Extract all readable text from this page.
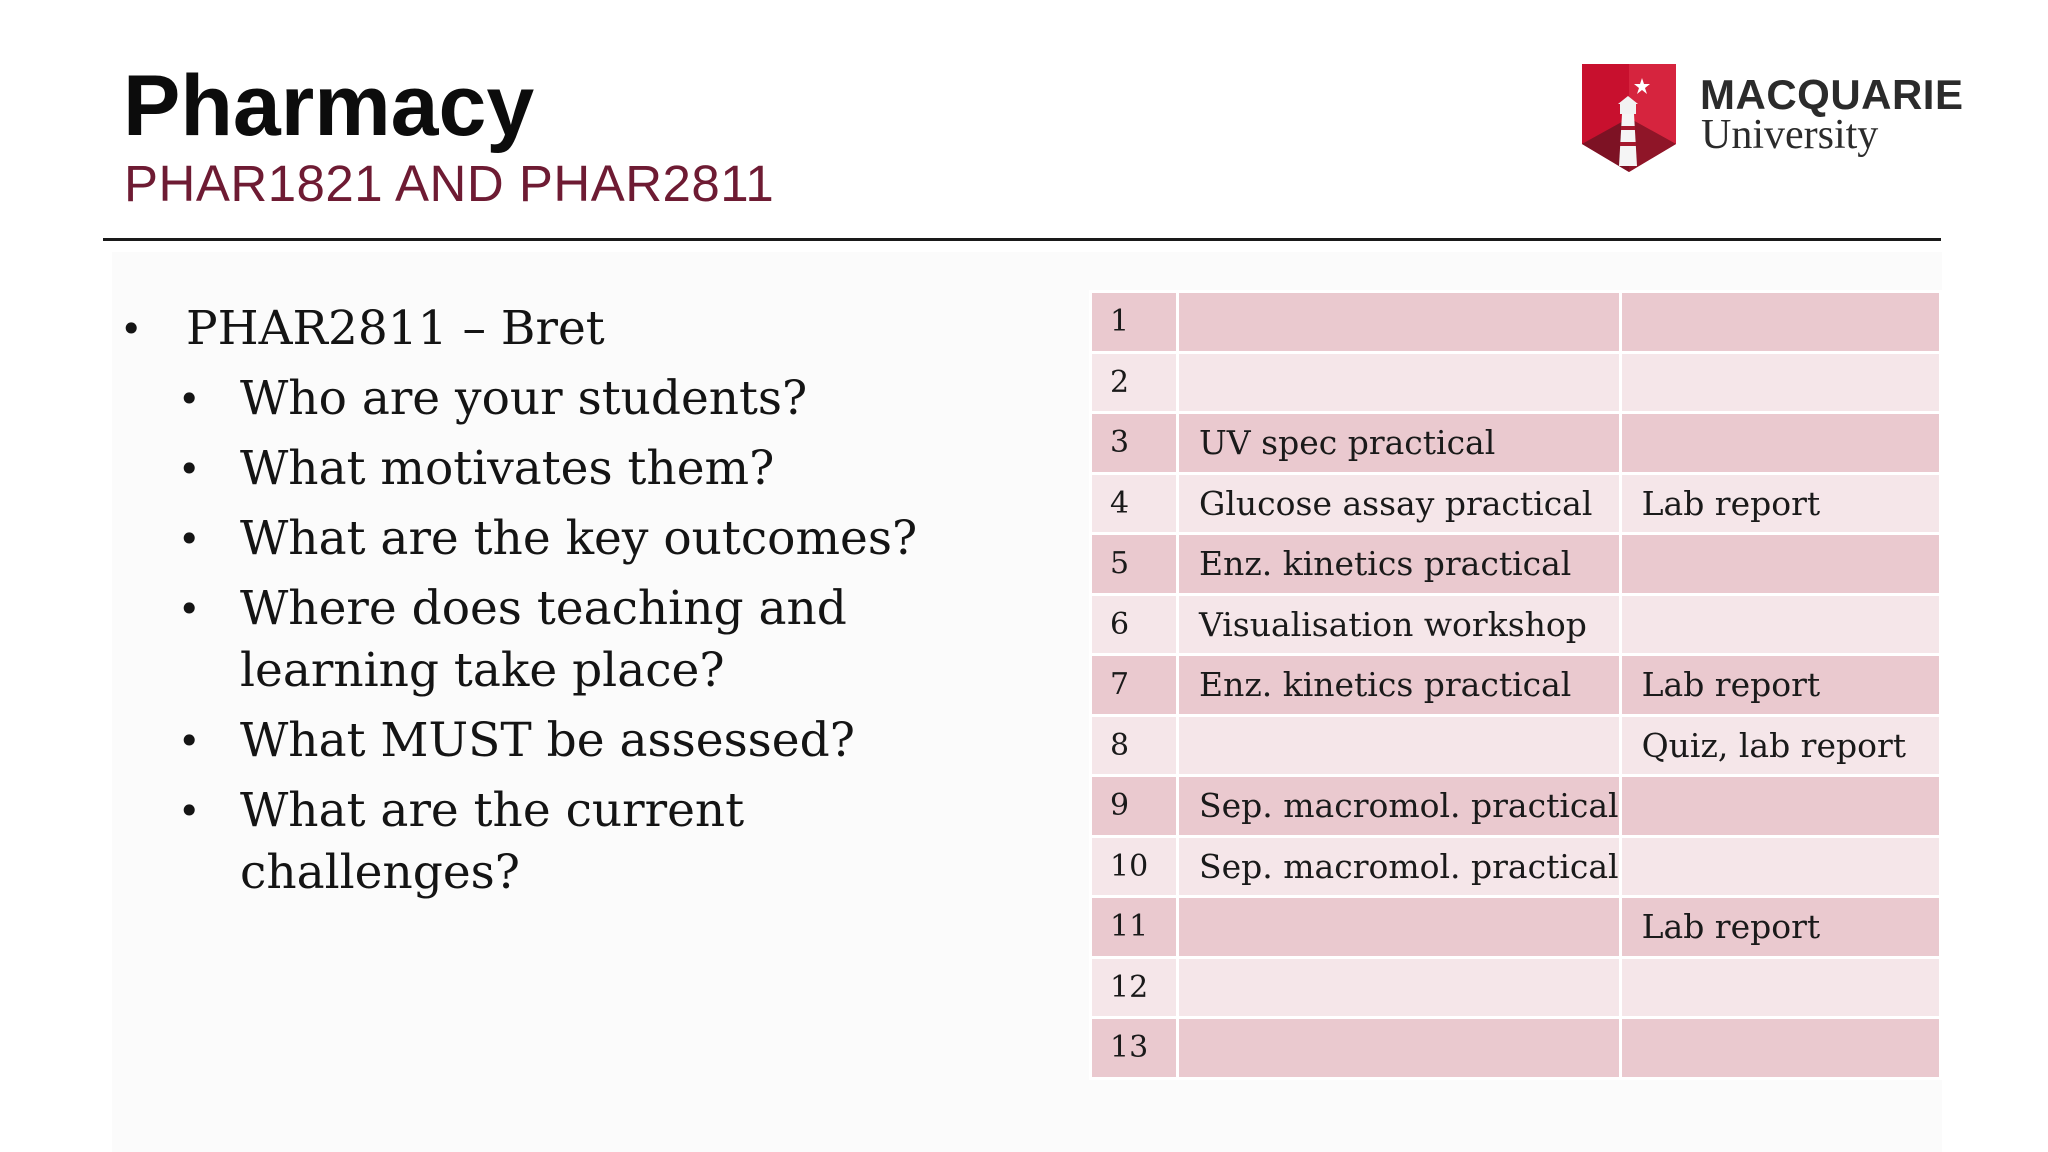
Pharmacy
PHAR1821 AND PHAR2811
MACQUARIE
University
• PHAR2811 – Bret
• Who are your students?
• What motivates them?
• What are the key outcomes?
• Where does teaching and learning take place?
• What MUST be assessed?
• What are the current challenges?
1		
2		
3	UV spec practical	
4	Glucose assay practical	Lab report
5	Enz. kinetics practical	
6	Visualisation workshop	
7	Enz. kinetics practical	Lab report
8		Quiz, lab report
9	Sep. macromol. practical	
10	Sep. macromol. practical	
11		Lab report
12		
13		
